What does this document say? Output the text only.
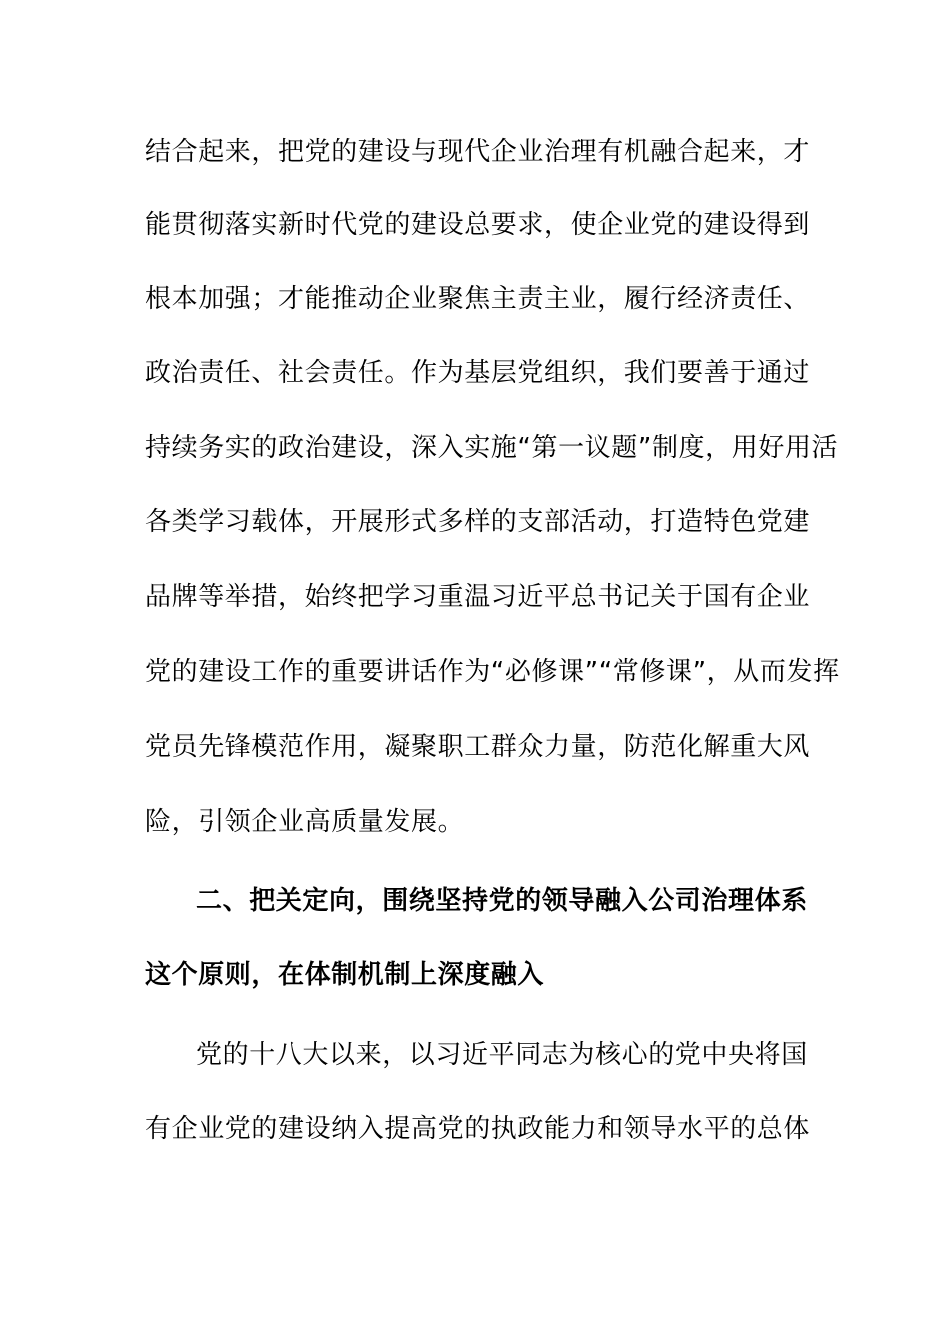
结合起来，把党的建设与现代企业治理有机融合起来，才
能贯彻落实新时代党的建设总要求，使企业党的建设得到
根本加强；才能推动企业聚焦主责主业，履行经济责任、
政治责任、社会责任。作为基层党组织，我们要善于通过
持续务实的政治建设，深入实施“第一议题”制度，用好用活
各类学习载体，开展形式多样的支部活动，打造特色党建
品牌等举措，始终把学习重温习近平总书记关于国有企业
党的建设工作的重要讲话作为“必修课”“常修课”，从而发挥
党员先锋模范作用，凝聚职工群众力量，防范化解重大风
险，引领企业高质量发展。
二、把关定向，围绕坚持党的领导融入公司治理体系
这个原则，在体制机制上深度融入
党的十八大以来，以习近平同志为核心的党中央将国
有企业党的建设纳入提高党的执政能力和领导水平的总体
